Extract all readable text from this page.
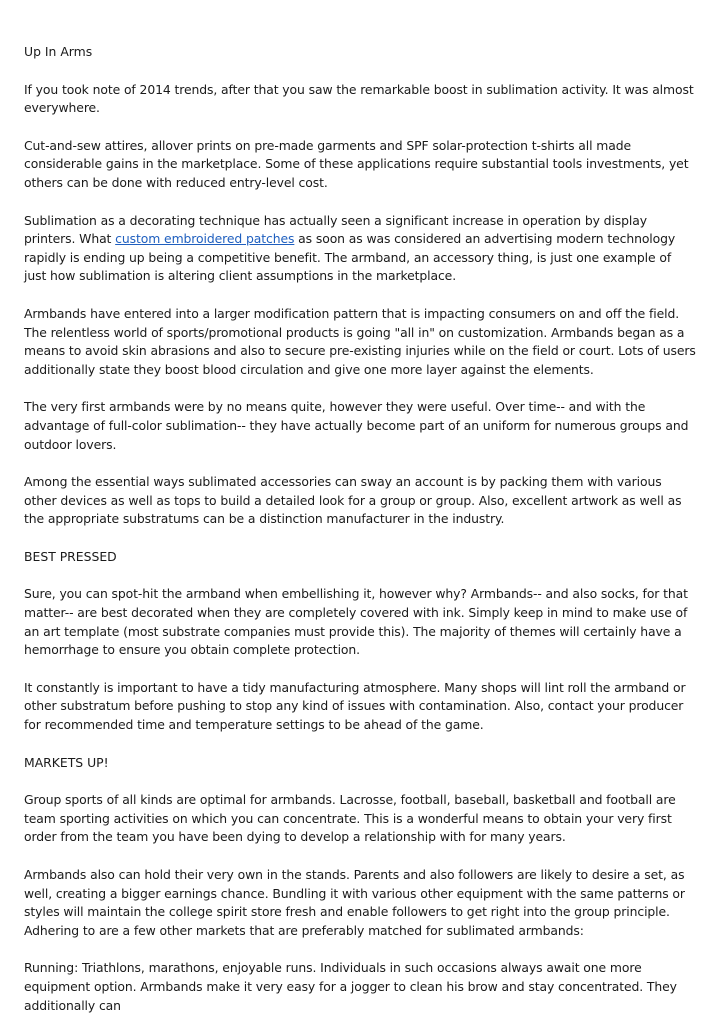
Up In Arms

If you took note of 2014 trends, after that you saw the remarkable boost in sublimation activity. It was almost everywhere.

Cut-and-sew attires, allover prints on pre-made garments and SPF solar-protection t-shirts all made considerable gains in the marketplace. Some of these applications require substantial tools investments, yet others can be done with reduced entry-level cost.

Sublimation as a decorating technique has actually seen a significant increase in operation by display printers. What custom embroidered patches as soon as was considered an advertising modern technology rapidly is ending up being a competitive benefit. The armband, an accessory thing, is just one example of just how sublimation is altering client assumptions in the marketplace.

Armbands have entered into a larger modification pattern that is impacting consumers on and off the field. The relentless world of sports/promotional products is going "all in" on customization. Armbands began as a means to avoid skin abrasions and also to secure pre-existing injuries while on the field or court. Lots of users additionally state they boost blood circulation and give one more layer against the elements.

The very first armbands were by no means quite, however they were useful. Over time-- and with the advantage of full-color sublimation-- they have actually become part of an uniform for numerous groups and outdoor lovers.

Among the essential ways sublimated accessories can sway an account is by packing them with various other devices as well as tops to build a detailed look for a group or group. Also, excellent artwork as well as the appropriate substratums can be a distinction manufacturer in the industry.

BEST PRESSED

Sure, you can spot-hit the armband when embellishing it, however why? Armbands-- and also socks, for that matter-- are best decorated when they are completely covered with ink. Simply keep in mind to make use of an art template (most substrate companies must provide this). The majority of themes will certainly have a hemorrhage to ensure you obtain complete protection.

It constantly is important to have a tidy manufacturing atmosphere. Many shops will lint roll the armband or other substratum before pushing to stop any kind of issues with contamination. Also, contact your producer for recommended time and temperature settings to be ahead of the game.

MARKETS UP!

Group sports of all kinds are optimal for armbands. Lacrosse, football, baseball, basketball and football are team sporting activities on which you can concentrate. This is a wonderful means to obtain your very first order from the team you have been dying to develop a relationship with for many years.

Armbands also can hold their very own in the stands. Parents and also followers are likely to desire a set, as well, creating a bigger earnings chance. Bundling it with various other equipment with the same patterns or styles will maintain the college spirit store fresh and enable followers to get right into the group principle. Adhering to are a few other markets that are preferably matched for sublimated armbands:

Running: Triathlons, marathons, enjoyable runs. Individuals in such occasions always await one more equipment option. Armbands make it very easy for a jogger to clean his brow and stay concentrated. They additionally can
